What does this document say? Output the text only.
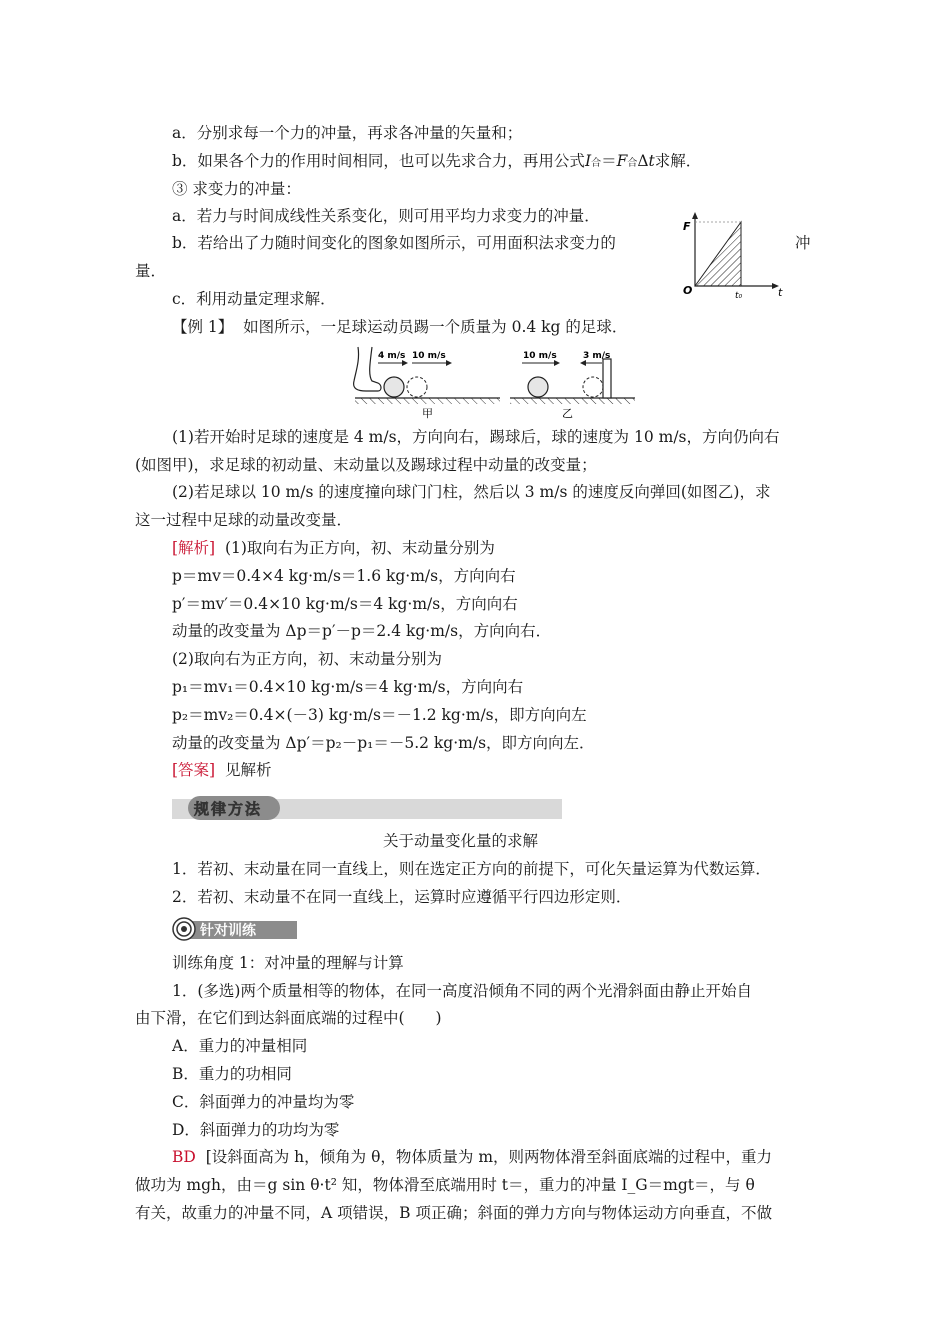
a．分别求每一个力的冲量，再求各冲量的矢量和；
b．如果各个力的作用时间相同，也可以先求合力，再用公式I合＝F合Δt求解．
③ 求变力的冲量：
a．若力与时间成线性关系变化，则可用平均力求变力的冲量．
b．若给出了力随时间变化的图象如图所示，可用面积法求变力的	冲
量．
c．利用动量定理求解．
F
t
O	t₀
【例 1】 如图所示，一足球运动员踢一个质量为 0.4 kg 的足球．
4 m/s 10 m/s
甲
10 m/s	3 m/s
乙
(1)若开始时足球的速度是 4 m/s，方向向右，踢球后，球的速度为 10 m/s，方向仍向右
(如图甲)，求足球的初动量、末动量以及踢球过程中动量的改变量；
(2)若足球以 10 m/s 的速度撞向球门门柱，然后以 3 m/s 的速度反向弹回(如图乙)，求
这一过程中足球的动量改变量．
[解析] (1)取向右为正方向，初、末动量分别为
p＝mv＝0.4×4 kg·m/s＝1.6 kg·m/s，方向向右
p′＝mv′＝0.4×10 kg·m/s＝4 kg·m/s，方向向右
动量的改变量为 Δp＝p′－p＝2.4 kg·m/s，方向向右．
(2)取向右为正方向，初、末动量分别为
p₁＝mv₁＝0.4×10 kg·m/s＝4 kg·m/s，方向向右
p₂＝mv₂＝0.4×(－3) kg·m/s＝－1.2 kg·m/s，即方向向左
动量的改变量为 Δp′＝p₂－p₁＝－5.2 kg·m/s，即方向向左．
[答案] 见解析
规律方法
关于动量变化量的求解
1．若初、末动量在同一直线上，则在选定正方向的前提下，可化矢量运算为代数运算．
2．若初、末动量不在同一直线上，运算时应遵循平行四边形定则．
针对训练
训练角度 1：对冲量的理解与计算
1．(多选)两个质量相等的物体，在同一高度沿倾角不同的两个光滑斜面由静止开始自
由下滑，在它们到达斜面底端的过程中(　　)
A．重力的冲量相同
B．重力的功相同
C．斜面弹力的冲量均为零
D．斜面弹力的功均为零
BD [设斜面高为 h，倾角为 θ，物体质量为 m，则两物体滑至斜面底端的过程中，重力
做功为 mgh，由＝g sin θ·t² 知，物体滑至底端用时 t＝，重力的冲量 I_G＝mgt＝，与 θ
有关，故重力的冲量不同，A 项错误，B 项正确；斜面的弹力方向与物体运动方向垂直，不做
